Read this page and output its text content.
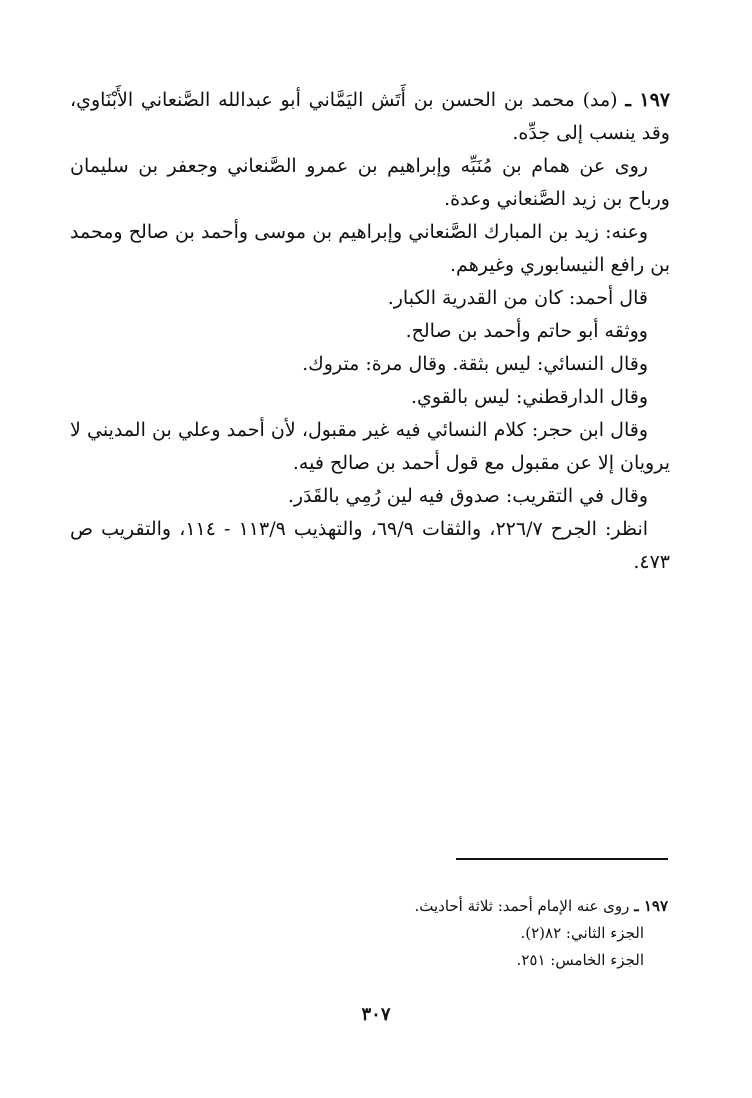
١٩٧ ـ (مد) محمد بن الحسن بن أَتَش اليَمَّاني أبو عبدالله الصَّنعاني الأَبْنَاوي، وقد ينسب إلى جدِّه.

روى عن همام بن مُنَبِّه وإبراهيم بن عمرو الصَّنعاني وجعفر بن سليمان ورباح بن زيد الصَّنعاني وعدة.

وعنه: زيد بن المبارك الصَّنعاني وإبراهيم بن موسى وأحمد بن صالح ومحمد بن رافع النيسابوري وغيرهم.

قال أحمد: كان من القدرية الكبار.

ووثقه أبو حاتم وأحمد بن صالح.

وقال النسائي: ليس بثقة. وقال مرة: متروك.

وقال الدارقطني: ليس بالقوي.

وقال ابن حجر: كلام النسائي فيه غير مقبول، لأن أحمد وعلي بن المديني لا يرويان إلا عن مقبول مع قول أحمد بن صالح فيه.

وقال في التقريب: صدوق فيه لين رُمِي بالقَدَر.

انظر: الجرح ٢٢٦/٧، والثقات ٦٩/٩، والتهذيب ١١٣/٩ - ١١٤، والتقريب ص ٤٧٣.

١٩٧ ـ روى عنه الإمام أحمد: ثلاثة أحاديث.

الجزء الثاني: ٨٢(٢).

الجزء الخامس: ٢٥١.

٣٠٧
